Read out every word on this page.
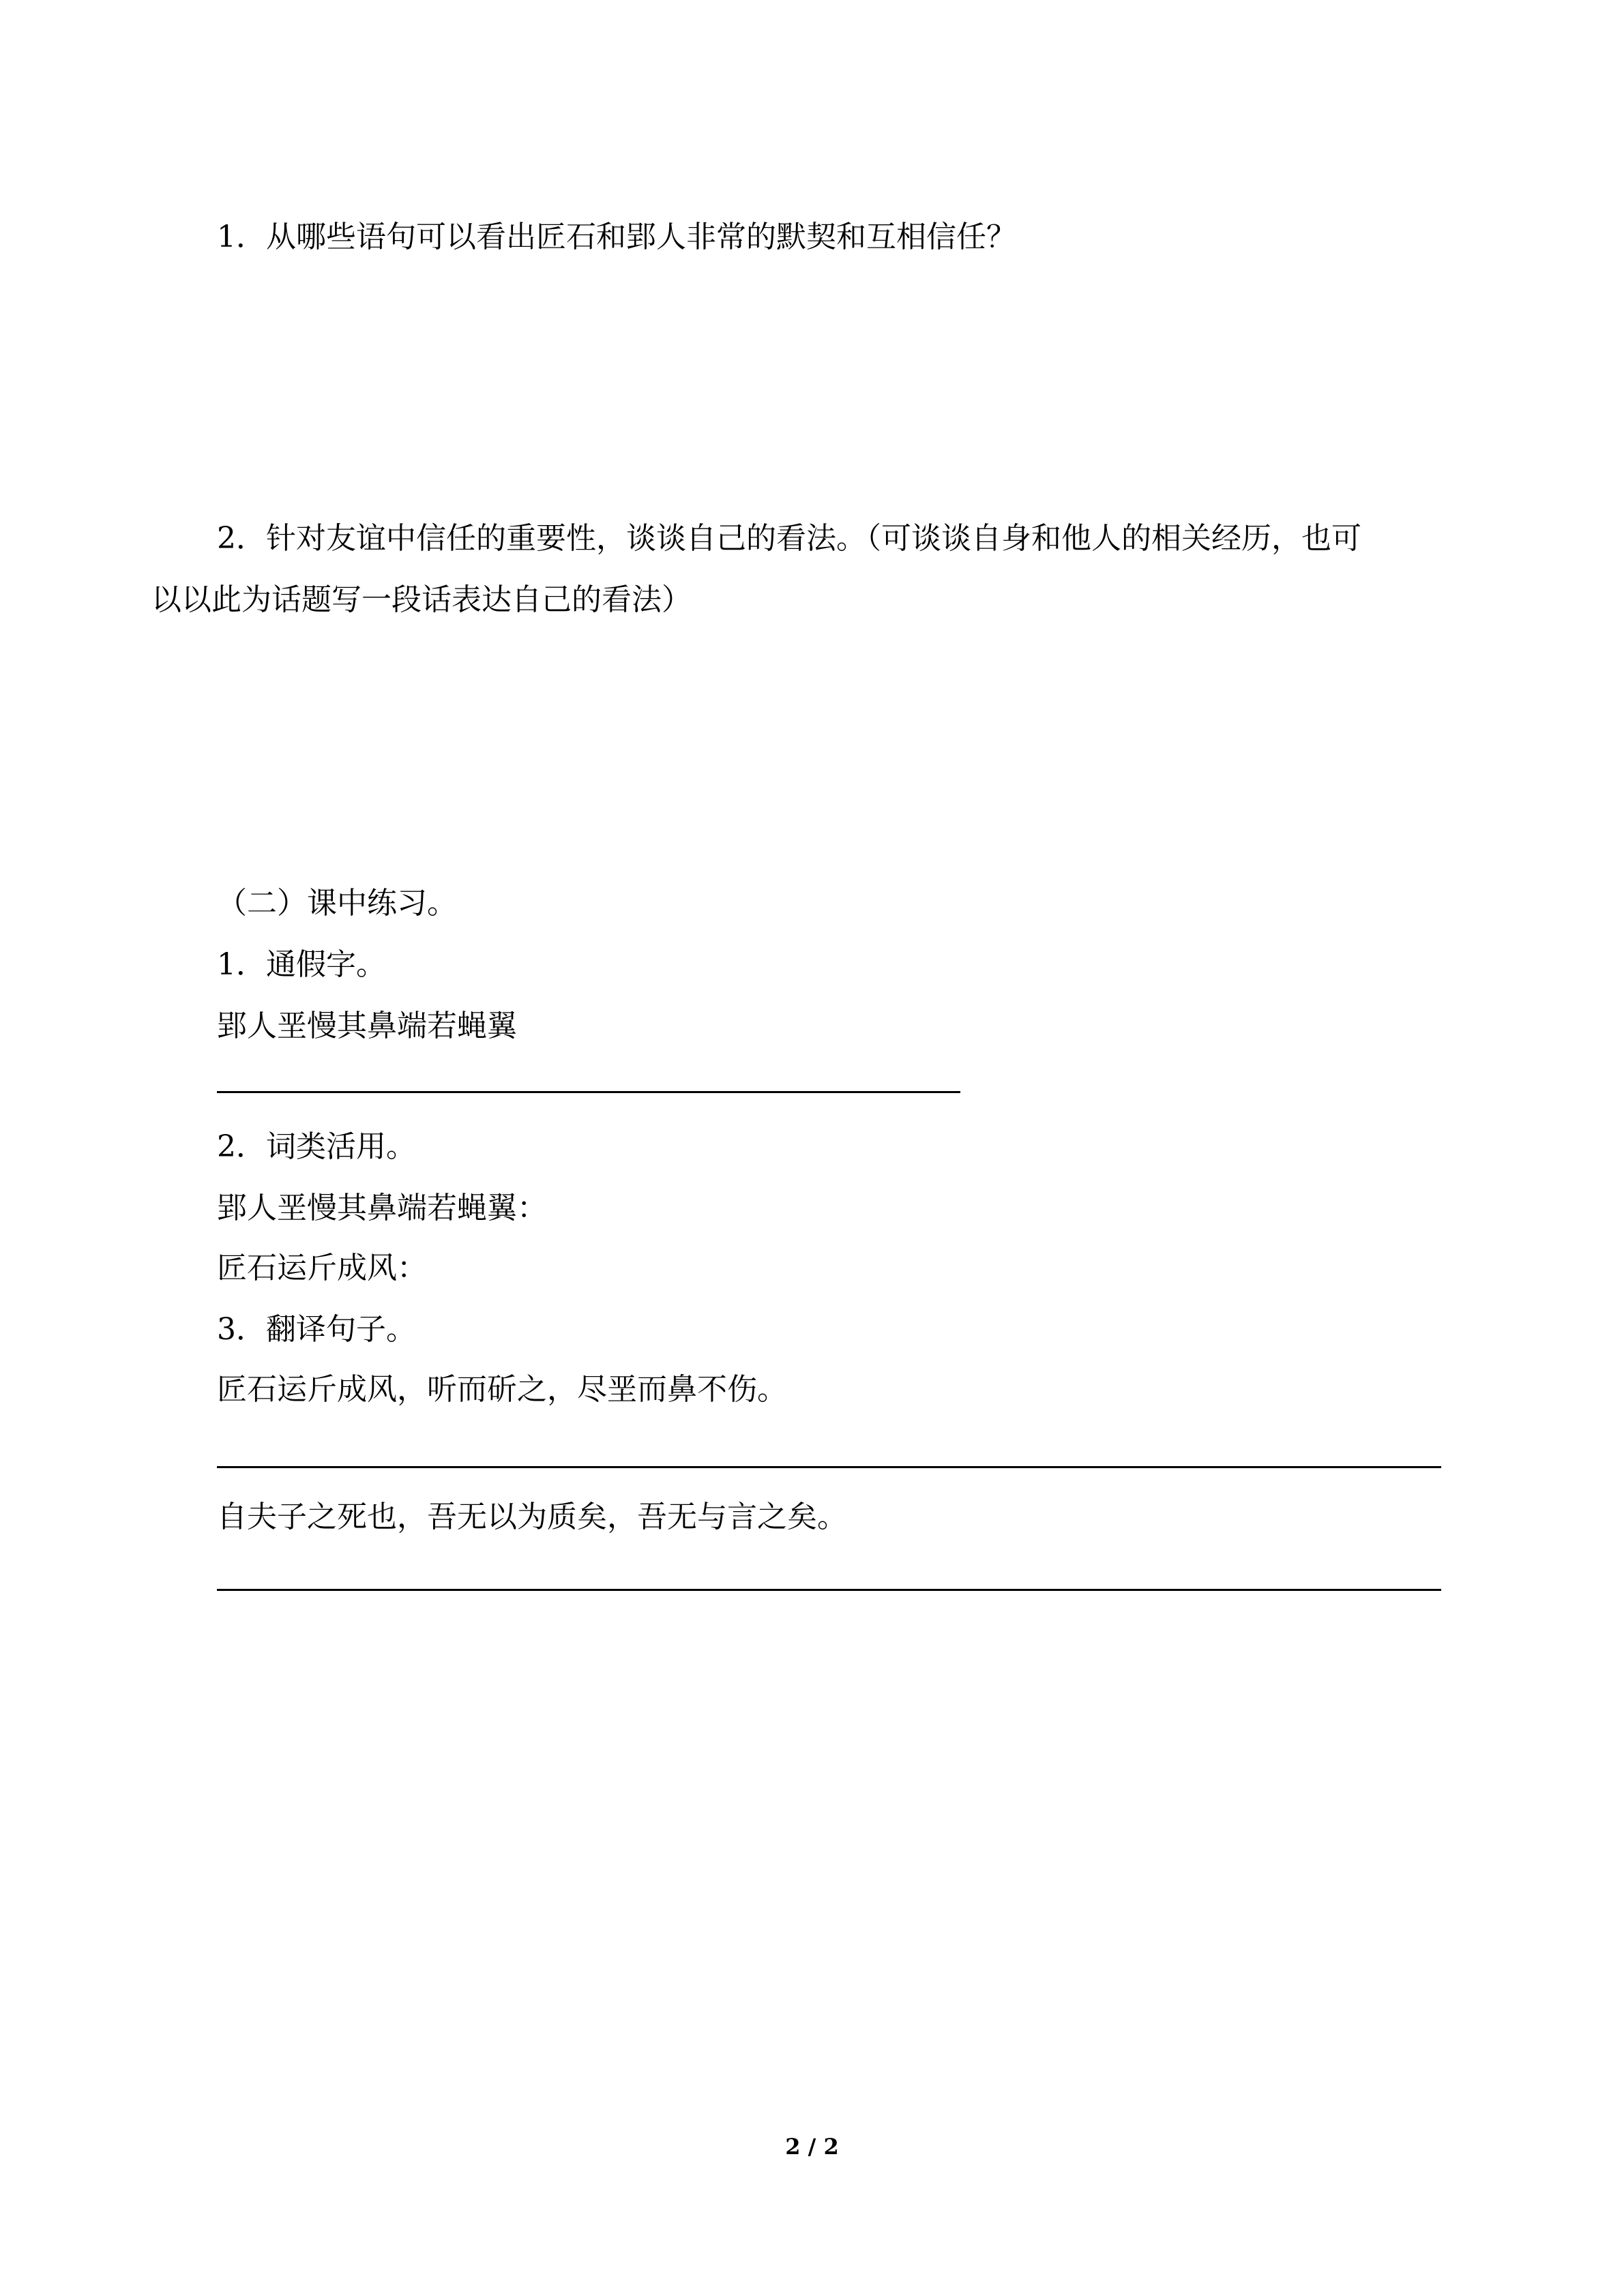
1．从哪些语句可以看出匠石和郢人非常的默契和互相信任？
2．针对友谊中信任的重要性，谈谈自己的看法。（可谈谈自身和他人的相关经历，也可
以以此为话题写一段话表达自己的看法）
（二）课中练习。
1．通假字。
郢人垩慢其鼻端若蝇翼
2．词类活用。
郢人垩慢其鼻端若蝇翼：
匠石运斤成风：
3．翻译句子。
匠石运斤成风，听而斫之，尽垩而鼻不伤。
自夫子之死也，吾无以为质矣，吾无与言之矣。
2 / 2
